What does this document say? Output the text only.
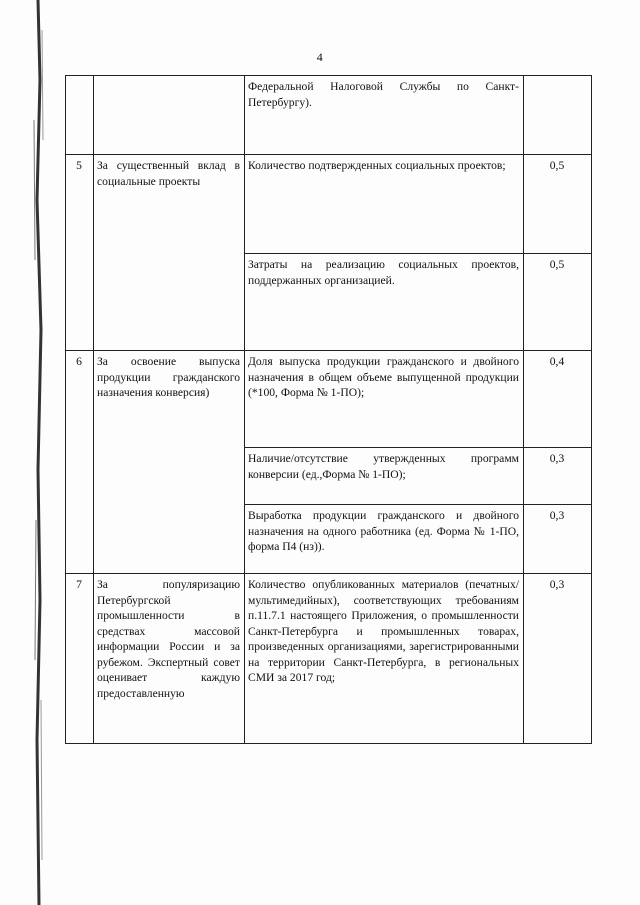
4
		Федеральной Налоговой Службы по Санкт-Петербургу).	
5	За существенный вклад в социальные проекты	Количество подтвержденных социальных проектов;	0,5
		Затраты на реализацию социальных проектов, поддержанных организацией.	0,5
6	За освоение выпуска продукции гражданского назначения конверсия)	Доля выпуска продукции гражданского и двойного назначения в общем объеме выпущенной продукции (*100, Форма № 1-ПО);	0,4
		Наличие/отсутствие утвержденных программ конверсии (ед.,Форма № 1-ПО);	0,3
		Выработка продукции гражданского и двойного назначения на одного работника (ед. Форма № 1-ПО, форма П4 (нз)).	0,3
7	За популяризацию Петербургской промышленности в средствах массовой информации России и за рубежом. Экспертный совет оценивает каждую предоставленную	Количество опубликованных материалов (печатных/мультимедийных), соответствующих требованиям п.11.7.1 настоящего Приложения, о промышленности Санкт-Петербурга и промышленных товарах, произведенных организациями, зарегистрированными на территории Санкт-Петербурга, в региональных СМИ за 2017 год;	0,3
